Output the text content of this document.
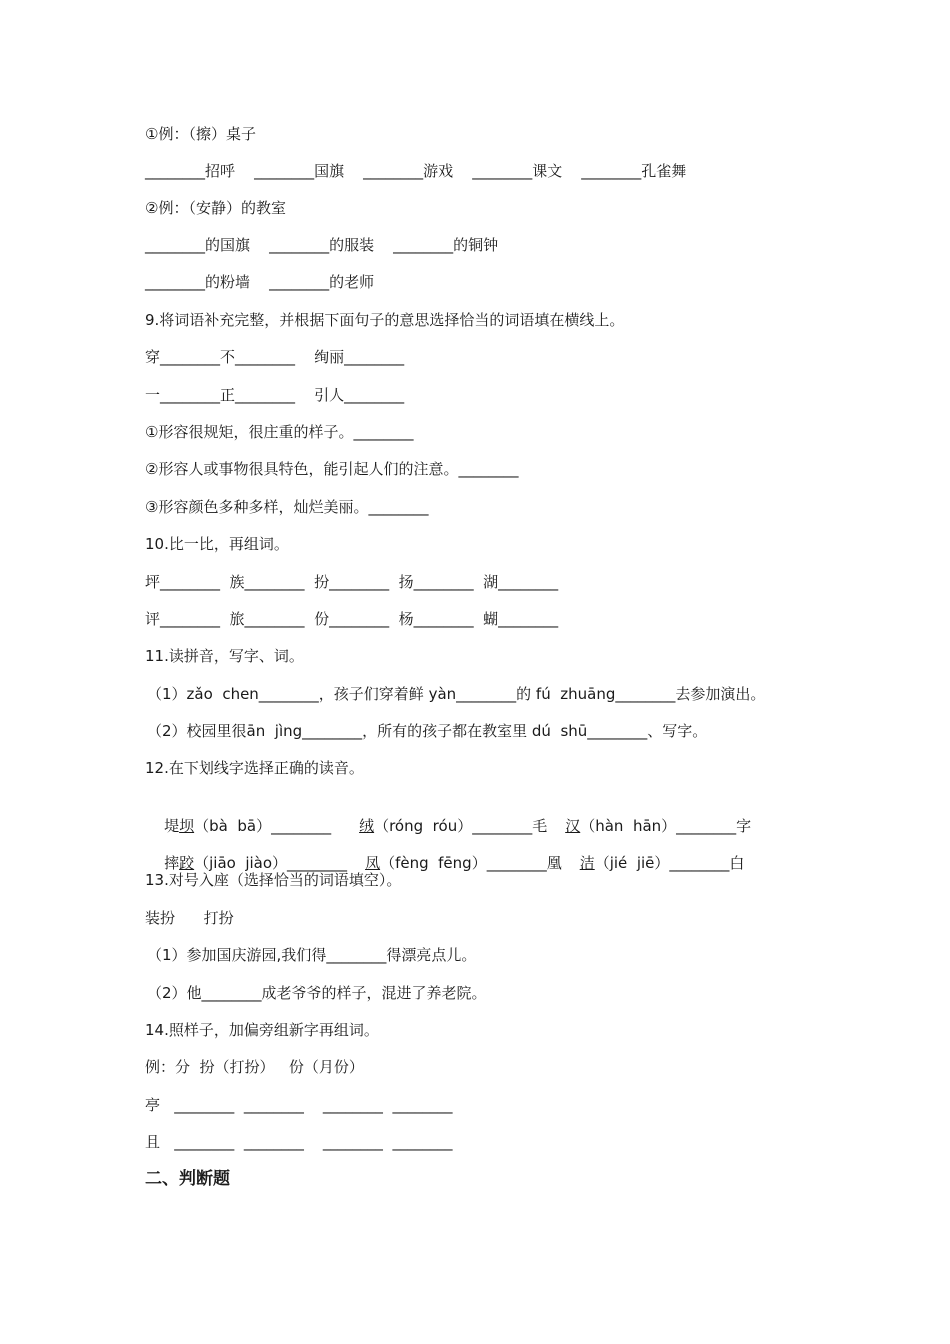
①例：（擦）桌子
________招呼    ________国旗    ________游戏    ________课文    ________孔雀舞
②例：（安静）的教室
________的国旗    ________的服装    ________的铜钟
________的粉墙    ________的老师
9.将词语补充完整，并根据下面句子的意思选择恰当的词语填在横线上。
穿________不________    绚丽________
一________正________    引人________
①形容很规矩，很庄重的样子。________
②形容人或事物很具特色，能引起人们的注意。________
③形容颜色多种多样，灿烂美丽。________
10.比一比，再组词。
坪________  族________  扮________  扬________  湖________
评________  旅________  份________  杨________  蝴________
11.读拼音，写字、词。
（1）zǎo  chen________，孩子们穿着鲜 yàn________的 fú  zhuāng________去参加演出。
（2）校园里很ān  jìng________，所有的孩子都在教室里 dú  shū________、写字。
12.在下划线字选择正确的读音。

堤坝（bà  bā）________ 绒（róng  róu）________毛 汉（hàn  hān）________字

摔跤（jiāo  jiào）________ 凤（fèng  fēng）________凰 洁（jié  jiē）________白

13.对号入座（选择恰当的词语填空）。
装扮      打扮
（1）参加国庆游园,我们得________得漂亮点儿。
（2）他________成老爷爷的样子，混进了养老院。
14.照样子，加偏旁组新字再组词。
例：分  扮（打扮）   份（月份）
亭   ________  ________    ________  ________
且   ________  ________    ________  ________
二、判断题
